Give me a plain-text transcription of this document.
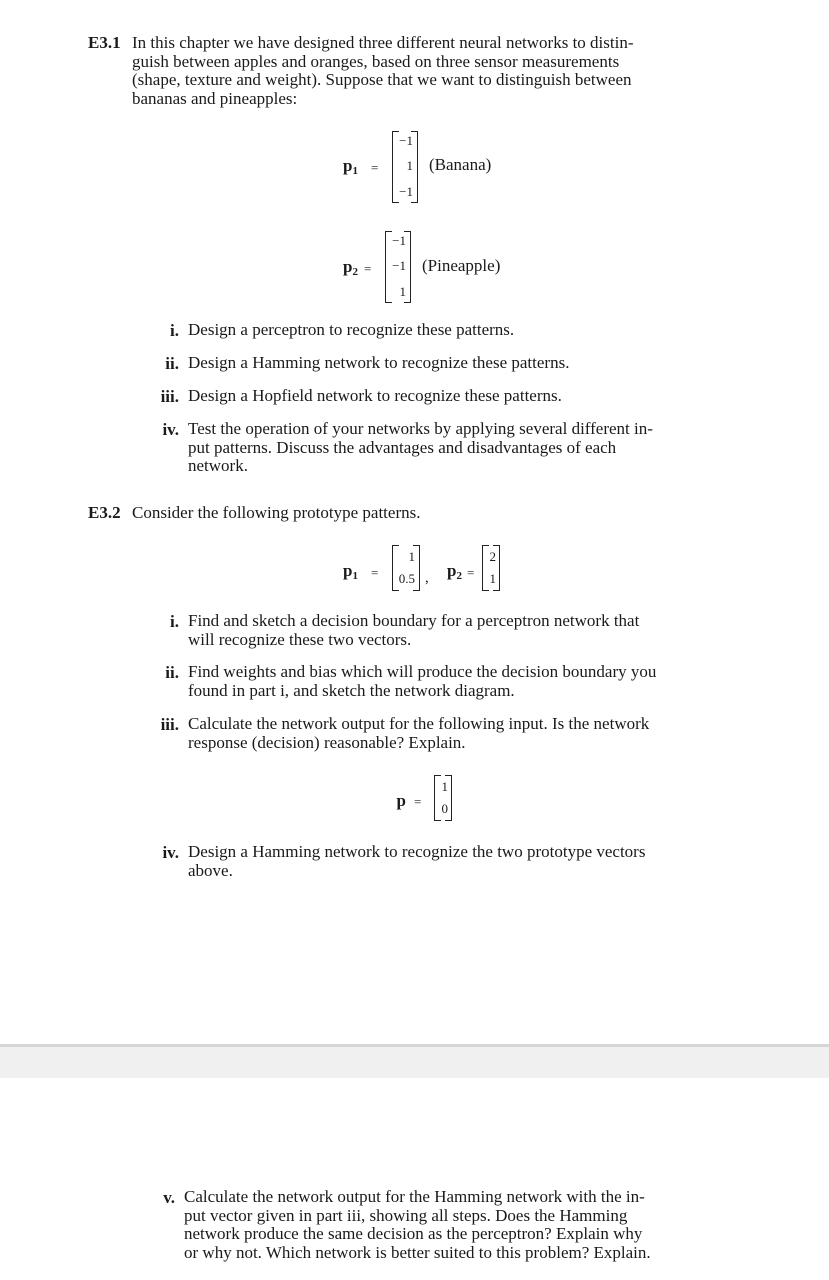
E3.1 In this chapter we have designed three different neural networks to distin-
guish between apples and oranges, based on three sensor measurements
(shape, texture and weight). Suppose that we want to distinguish between
bananas and pineapples:
$p_1$ =
−1
1
−1
(Banana)
$p_2$ =
−1
−1
1
(Pineapple)
i. Design a perceptron to recognize these patterns.
ii. Design a Hamming network to recognize these patterns.
iii. Design a Hopfield network to recognize these patterns.
iv. Test the operation of your networks by applying several different in-
put patterns. Discuss the advantages and disadvantages of each
network.
E3.2 Consider the following prototype patterns.
$p_1$ =
1
0.5 ,	$p_2$ =
2
1
i. Find and sketch a decision boundary for a perceptron network that
will recognize these two vectors.
ii. Find weights and bias which will produce the decision boundary you
found in part i, and sketch the network diagram.
iii. Calculate the network output for the following input. Is the network
response (decision) reasonable? Explain.
p =
1
0
iv. Design a Hamming network to recognize the two prototype vectors
above.
v. Calculate the network output for the Hamming network with the in-
put vector given in part iii, showing all steps. Does the Hamming
network produce the same decision as the perceptron? Explain why
or why not. Which network is better suited to this problem? Explain.
